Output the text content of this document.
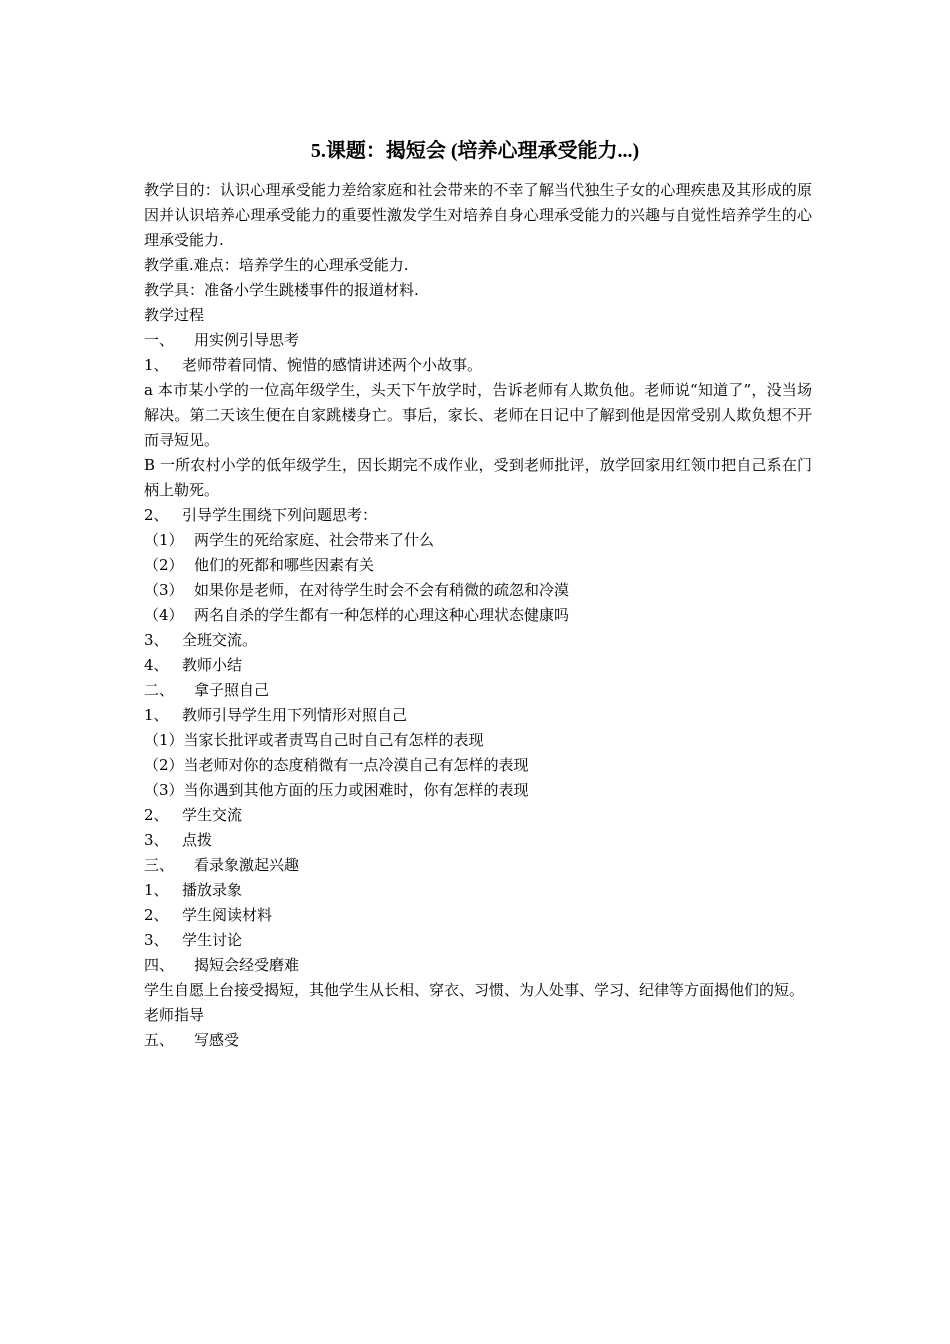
5.课题：揭短会 (培养心理承受能力...)

教学目的：认识心理承受能力差给家庭和社会带来的不幸了解当代独生子女的心理疾患及其形成的原因并认识培养心理承受能力的重要性激发学生对培养自身心理承受能力的兴趣与自觉性培养学生的心理承受能力.

教学重.难点：培养学生的心理承受能力.

教学具：准备小学生跳楼事件的报道材料.

教学过程

一、 用实例引导思考

1、 老师带着同情、惋惜的感情讲述两个小故事。

a 本市某小学的一位高年级学生，头天下午放学时，告诉老师有人欺负他。老师说“知道了”，没当场解决。第二天该生便在自家跳楼身亡。事后，家长、老师在日记中了解到他是因常受别人欺负想不开而寻短见。

B 一所农村小学的低年级学生，因长期完不成作业，受到老师批评，放学回家用红领巾把自己系在门柄上勒死。

2、 引导学生围绕下列问题思考：

（1） 两学生的死给家庭、社会带来了什么

（2） 他们的死都和哪些因素有关

（3） 如果你是老师，在对待学生时会不会有稍微的疏忽和冷漠

（4） 两名自杀的学生都有一种怎样的心理这种心理状态健康吗

3、 全班交流。

4、 教师小结

二、 拿子照自己

1、 教师引导学生用下列情形对照自己

（1）当家长批评或者责骂自己时自己有怎样的表现

（2）当老师对你的态度稍微有一点冷漠自己有怎样的表现

（3）当你遇到其他方面的压力或困难时，你有怎样的表现

2、 学生交流

3、 点拨

三、 看录象激起兴趣

1、 播放录象

2、 学生阅读材料

3、 学生讨论

四、 揭短会经受磨难

学生自愿上台接受揭短，其他学生从长相、穿衣、习惯、为人处事、学习、纪律等方面揭他们的短。

老师指导

五、 写感受
